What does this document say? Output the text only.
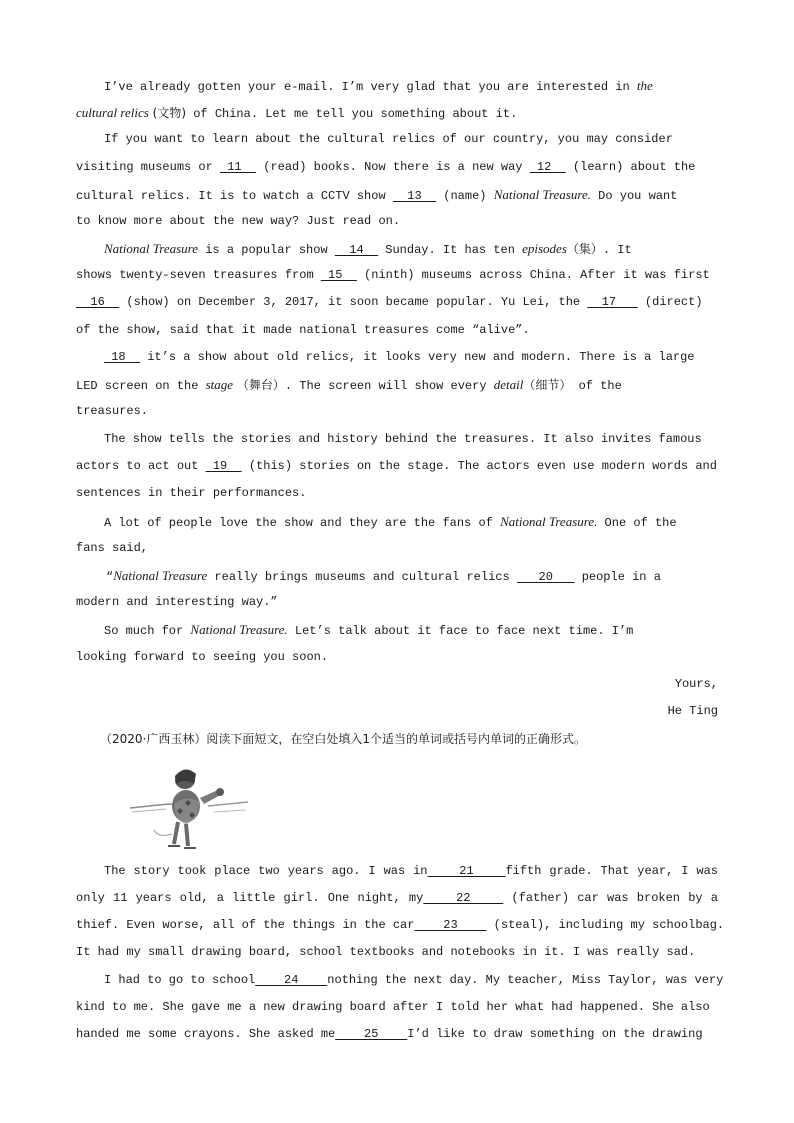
I’ve already gotten your e-mail. I’m very glad that you are interested in the
cultural relics (文物) of China. Let me tell you something about it.
If you want to learn about the cultural relics of our country, you may consider
visiting museums or  11   (read) books. Now there is a new way  12   (learn) about the
cultural relics. It is to watch a CCTV show   13   (name) National Treasure. Do you want
to know more about the new way? Just read on.
National Treasure is a popular show   14   Sunday. It has ten episodes（集）. It
shows twenty-seven treasures from  15   (ninth) museums across China. After it was first
16   (show) on December 3, 2017, it soon became popular. Yu Lei, the   17    (direct)
of the show, said that it made national treasures come “alive”.
18   it’s a show about old relics, it looks very new and modern. There is a large
LED screen on the stage （舞台）. The screen will show every detail（细节） of the
treasures.
The show tells the stories and history behind the treasures. It also invites famous
actors to act out  19   (this) stories on the stage. The actors even use modern words and
sentences in their performances.
A lot of people love the show and they are the fans of National Treasure. One of the
fans said,
“National Treasure really brings museums and cultural relics    20    people in a
modern and interesting way.”
So much for National Treasure. Let’s talk about it face to face next time. I’m
looking forward to seeing you soon.
Yours,
He Ting
（2020·广西玉林）阅读下面短文，在空白处填入1个适当的单词或括号内单词的正确形式。
The story took place two years ago. I was in    21    fifth grade. That year, I was
only 11 years old, a little girl. One night, my    22     (father) car was broken by a
thief. Even worse, all of the things in the car    23     (steal), including my schoolbag.
It had my small drawing board, school textbooks and notebooks in it. I was really sad.
I had to go to school    24    nothing the next day. My teacher, Miss Taylor, was very
kind to me. She gave me a new drawing board after I told her what had happened. She also
handed me some crayons. She asked me    25    I’d like to draw something on the drawing
